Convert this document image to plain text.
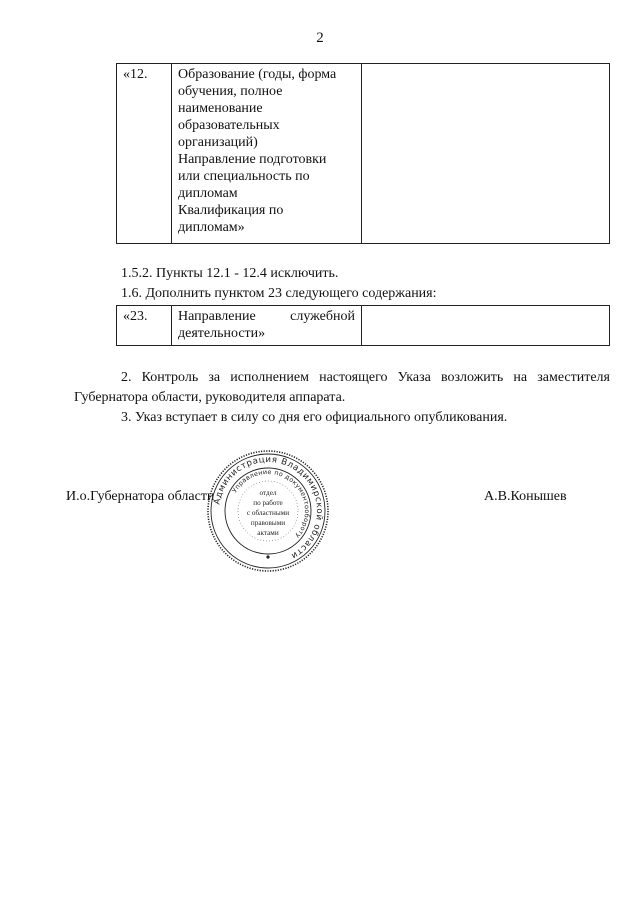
2
«12.	Образование (годы, форма
обучения, полное
наименование
образовательных
организаций)
Направление подготовки
или специальность по
дипломам
Квалификация по
дипломам»

1.5.2. Пункты 12.1 - 12.4 исключить.
1.6. Дополнить пунктом 23 следующего содержания:
«23.	Направление служебной
деятельности»

2. Контроль за исполнением настоящего Указа возложить на заместителя
Губернатора области, руководителя аппарата.
3. Указ вступает в силу со дня его официального опубликования.
И.о.Губернатора области	А.В.Конышев
Администрация Владимирской области
Управление по документообороту
отдел
по работе
с областными
правовыми
актами
